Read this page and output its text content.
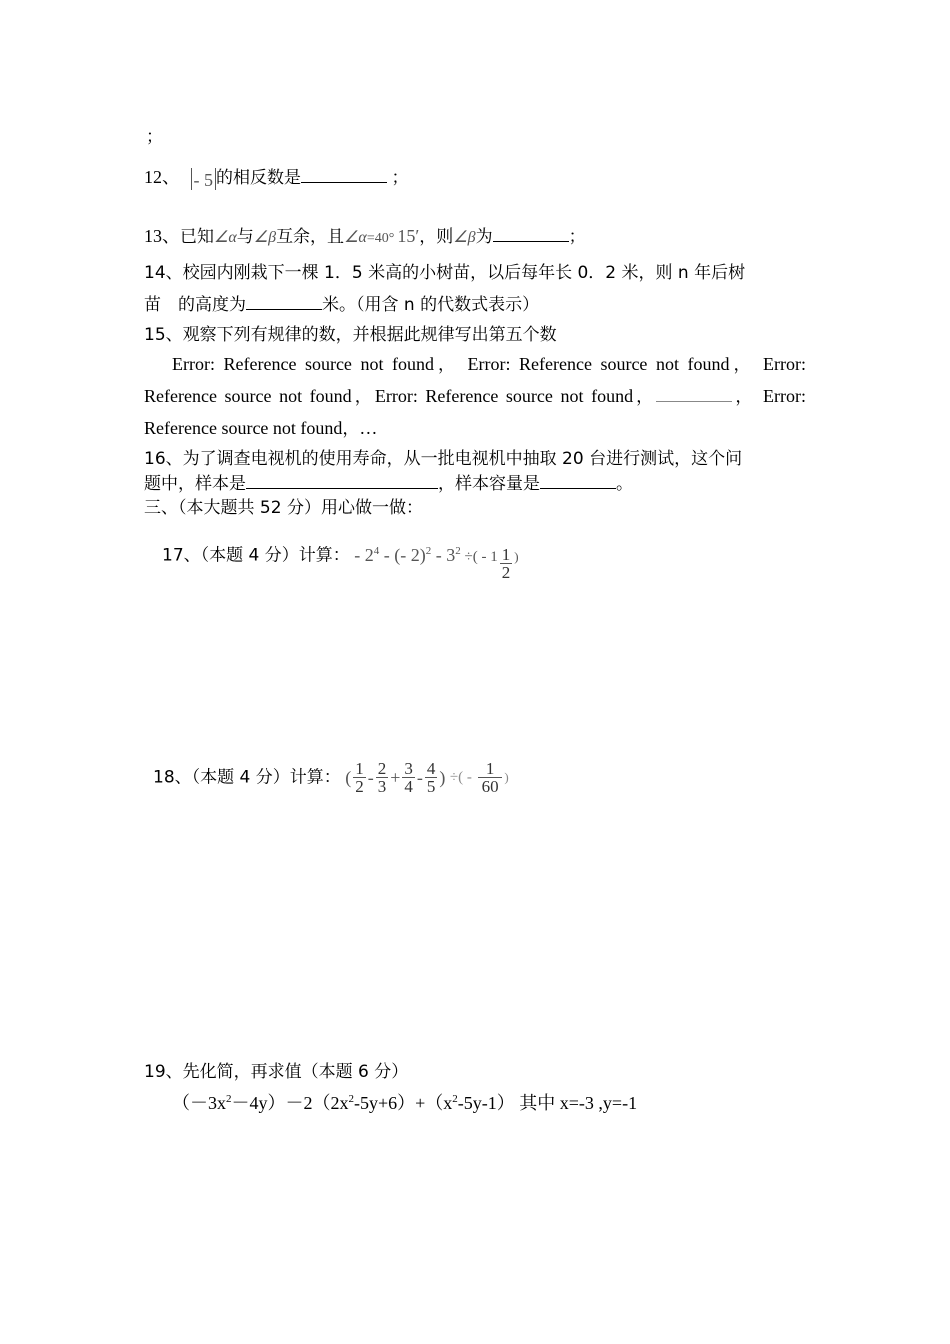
；
12、 - 5 的相反数是	；
13、已知∠α与∠β互余，且∠α=40° 15′，则∠β为	；
14、校园内刚栽下一棵 1．5 米高的小树苗，以后每年长 0．2 米，则 n 年后树
苗　的高度为	米。（用含 n 的代数式表示）
15、观察下列有规律的数，并根据此规律写出第五个数
Error: Reference source not found， Error: Reference source not found， Error: Reference source not found，Error: Reference source not found，	， Error: Reference source not found，…
16、为了调查电视机的使用寿命，从一批电视机中抽取 20 台进行测试，这个问
题中，样本是	，样本容量是	。
三、（本大题共 52 分）用心做一做：
17、（本题 4 分）计算： - $2^4$ - (- $2)^2 - 3^2$ ÷( - $1 \frac{1}{2}$ )
18、（本题 4 分）计算： ( $\frac{1}{2} - \frac{2}{3} + \frac{3}{4} - \frac{4}{5}$ ) ÷( - $\frac{1}{60}$ )
19、先化简，再求值（本题 6 分）
$(-3x^2-4y)-2(2x^2-5y+6)+(x^2-5y-1)$ 其中 x=-3 ,y=-1
